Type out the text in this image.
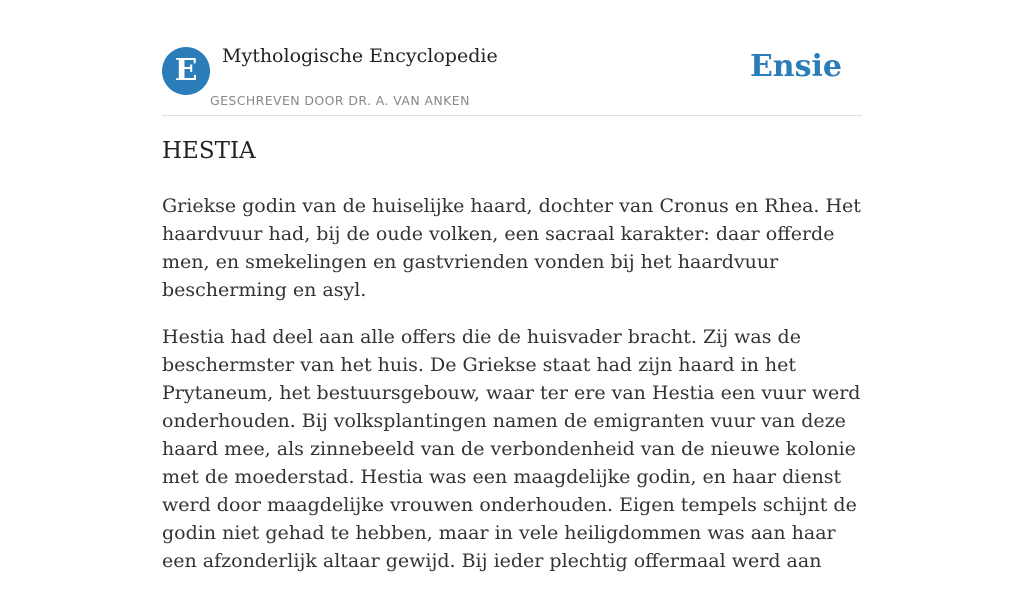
E	Mythologische Encyclopedie
GESCHREVEN DOOR DR. A. VAN ANKEN
Ensie
HESTIA

Griekse godin van de huiselijke haard, dochter van Cronus en Rhea. Het haardvuur had, bij de oude volken, een sacraal karakter: daar offerde men, en smekelingen en gastvrienden vonden bij het haardvuur bescherming en asyl.

Hestia had deel aan alle offers die de huisvader bracht. Zij was de beschermster van het huis. De Griekse staat had zijn haard in het Prytaneum, het bestuursgebouw, waar ter ere van Hestia een vuur werd onderhouden. Bij volksplantingen namen de emigranten vuur van deze haard mee, als zinnebeeld van de verbondenheid van de nieuwe kolonie met de moederstad. Hestia was een maagdelijke godin, en haar dienst werd door maagdelijke vrouwen onderhouden. Eigen tempels schijnt de godin niet gehad te hebben, maar in vele heiligdommen was aan haar een afzonderlijk altaar gewijd. Bij ieder plechtig offermaal werd aan
